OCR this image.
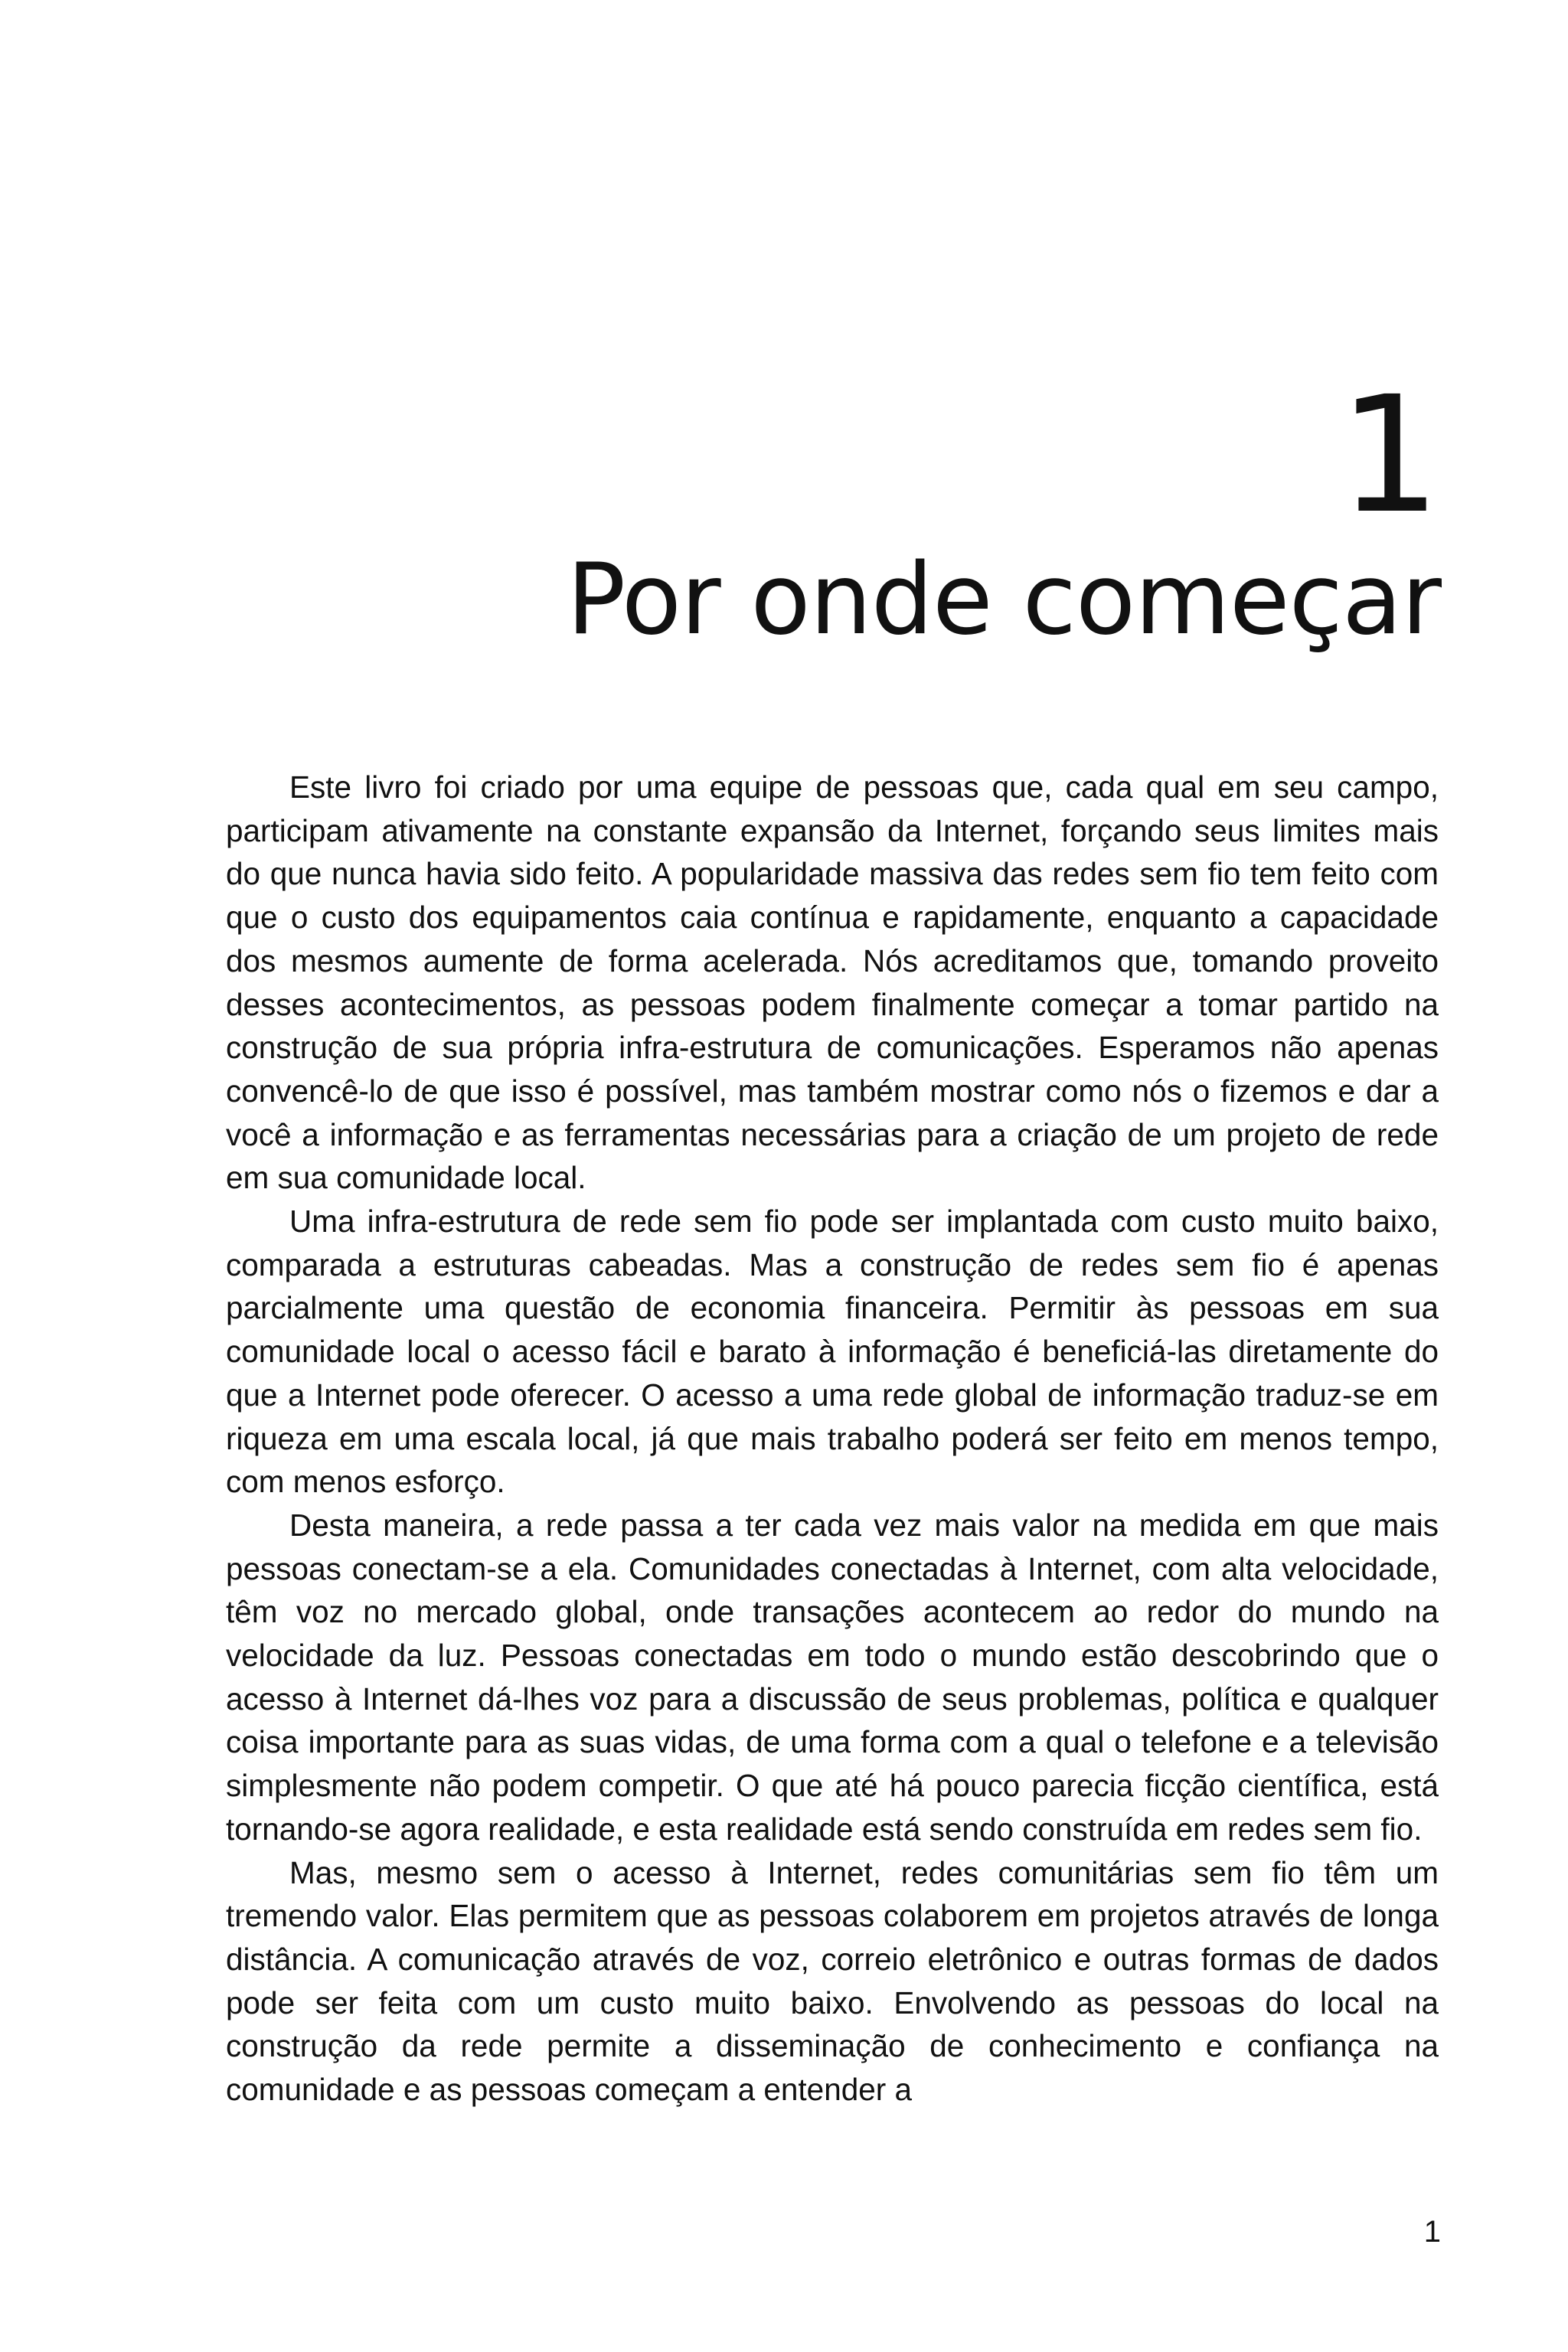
1
Por onde começar

Este livro foi criado por uma equipe de pessoas que, cada qual em seu campo, participam ativamente na constante expansão da Internet, forçando seus limites mais do que nunca havia sido feito. A popularidade massiva das redes sem fio tem feito com que o custo dos equipamentos caia contínua e rapidamente, enquanto a capacidade dos mesmos aumente de forma acelerada. Nós acreditamos que, tomando proveito desses acontecimentos, as pessoas podem finalmente começar a tomar partido na construção de sua própria infra-estrutura de comunicações. Esperamos não apenas convencê-lo de que isso é possível, mas também mostrar como nós o fizemos e dar a você a informação e as ferramentas necessárias para a criação de um projeto de rede em sua comunidade local.

Uma infra-estrutura de rede sem fio pode ser implantada com custo muito baixo, comparada a estruturas cabeadas. Mas a construção de redes sem fio é apenas parcialmente uma questão de economia financeira. Permitir às pessoas em sua comunidade local o acesso fácil e barato à informação é beneficiá-las diretamente do que a Internet pode oferecer. O acesso a uma rede global de informação traduz-se em riqueza em uma escala local, já que mais trabalho poderá ser feito em menos tempo, com menos esforço.

Desta maneira, a rede passa a ter cada vez mais valor na medida em que mais pessoas conectam-se a ela. Comunidades conectadas à Internet, com alta velocidade, têm voz no mercado global, onde transações acontecem ao redor do mundo na velocidade da luz. Pessoas conectadas em todo o mundo estão descobrindo que o acesso à Internet dá-lhes voz para a discussão de seus problemas, política e qualquer coisa importante para as suas vidas, de uma forma com a qual o telefone e a televisão simplesmente não podem competir. O que até há pouco parecia ficção científica, está tornando-se agora realidade, e esta realidade está sendo construída em redes sem fio.

Mas, mesmo sem o acesso à Internet, redes comunitárias sem fio têm um tremendo valor. Elas permitem que as pessoas colaborem em projetos através de longa distância. A comunicação através de voz, correio eletrônico e outras formas de dados pode ser feita com um custo muito baixo. Envolvendo as pessoas do local na construção da rede permite a disseminação de conhecimento e confiança na comunidade e as pessoas começam a entender a

1
